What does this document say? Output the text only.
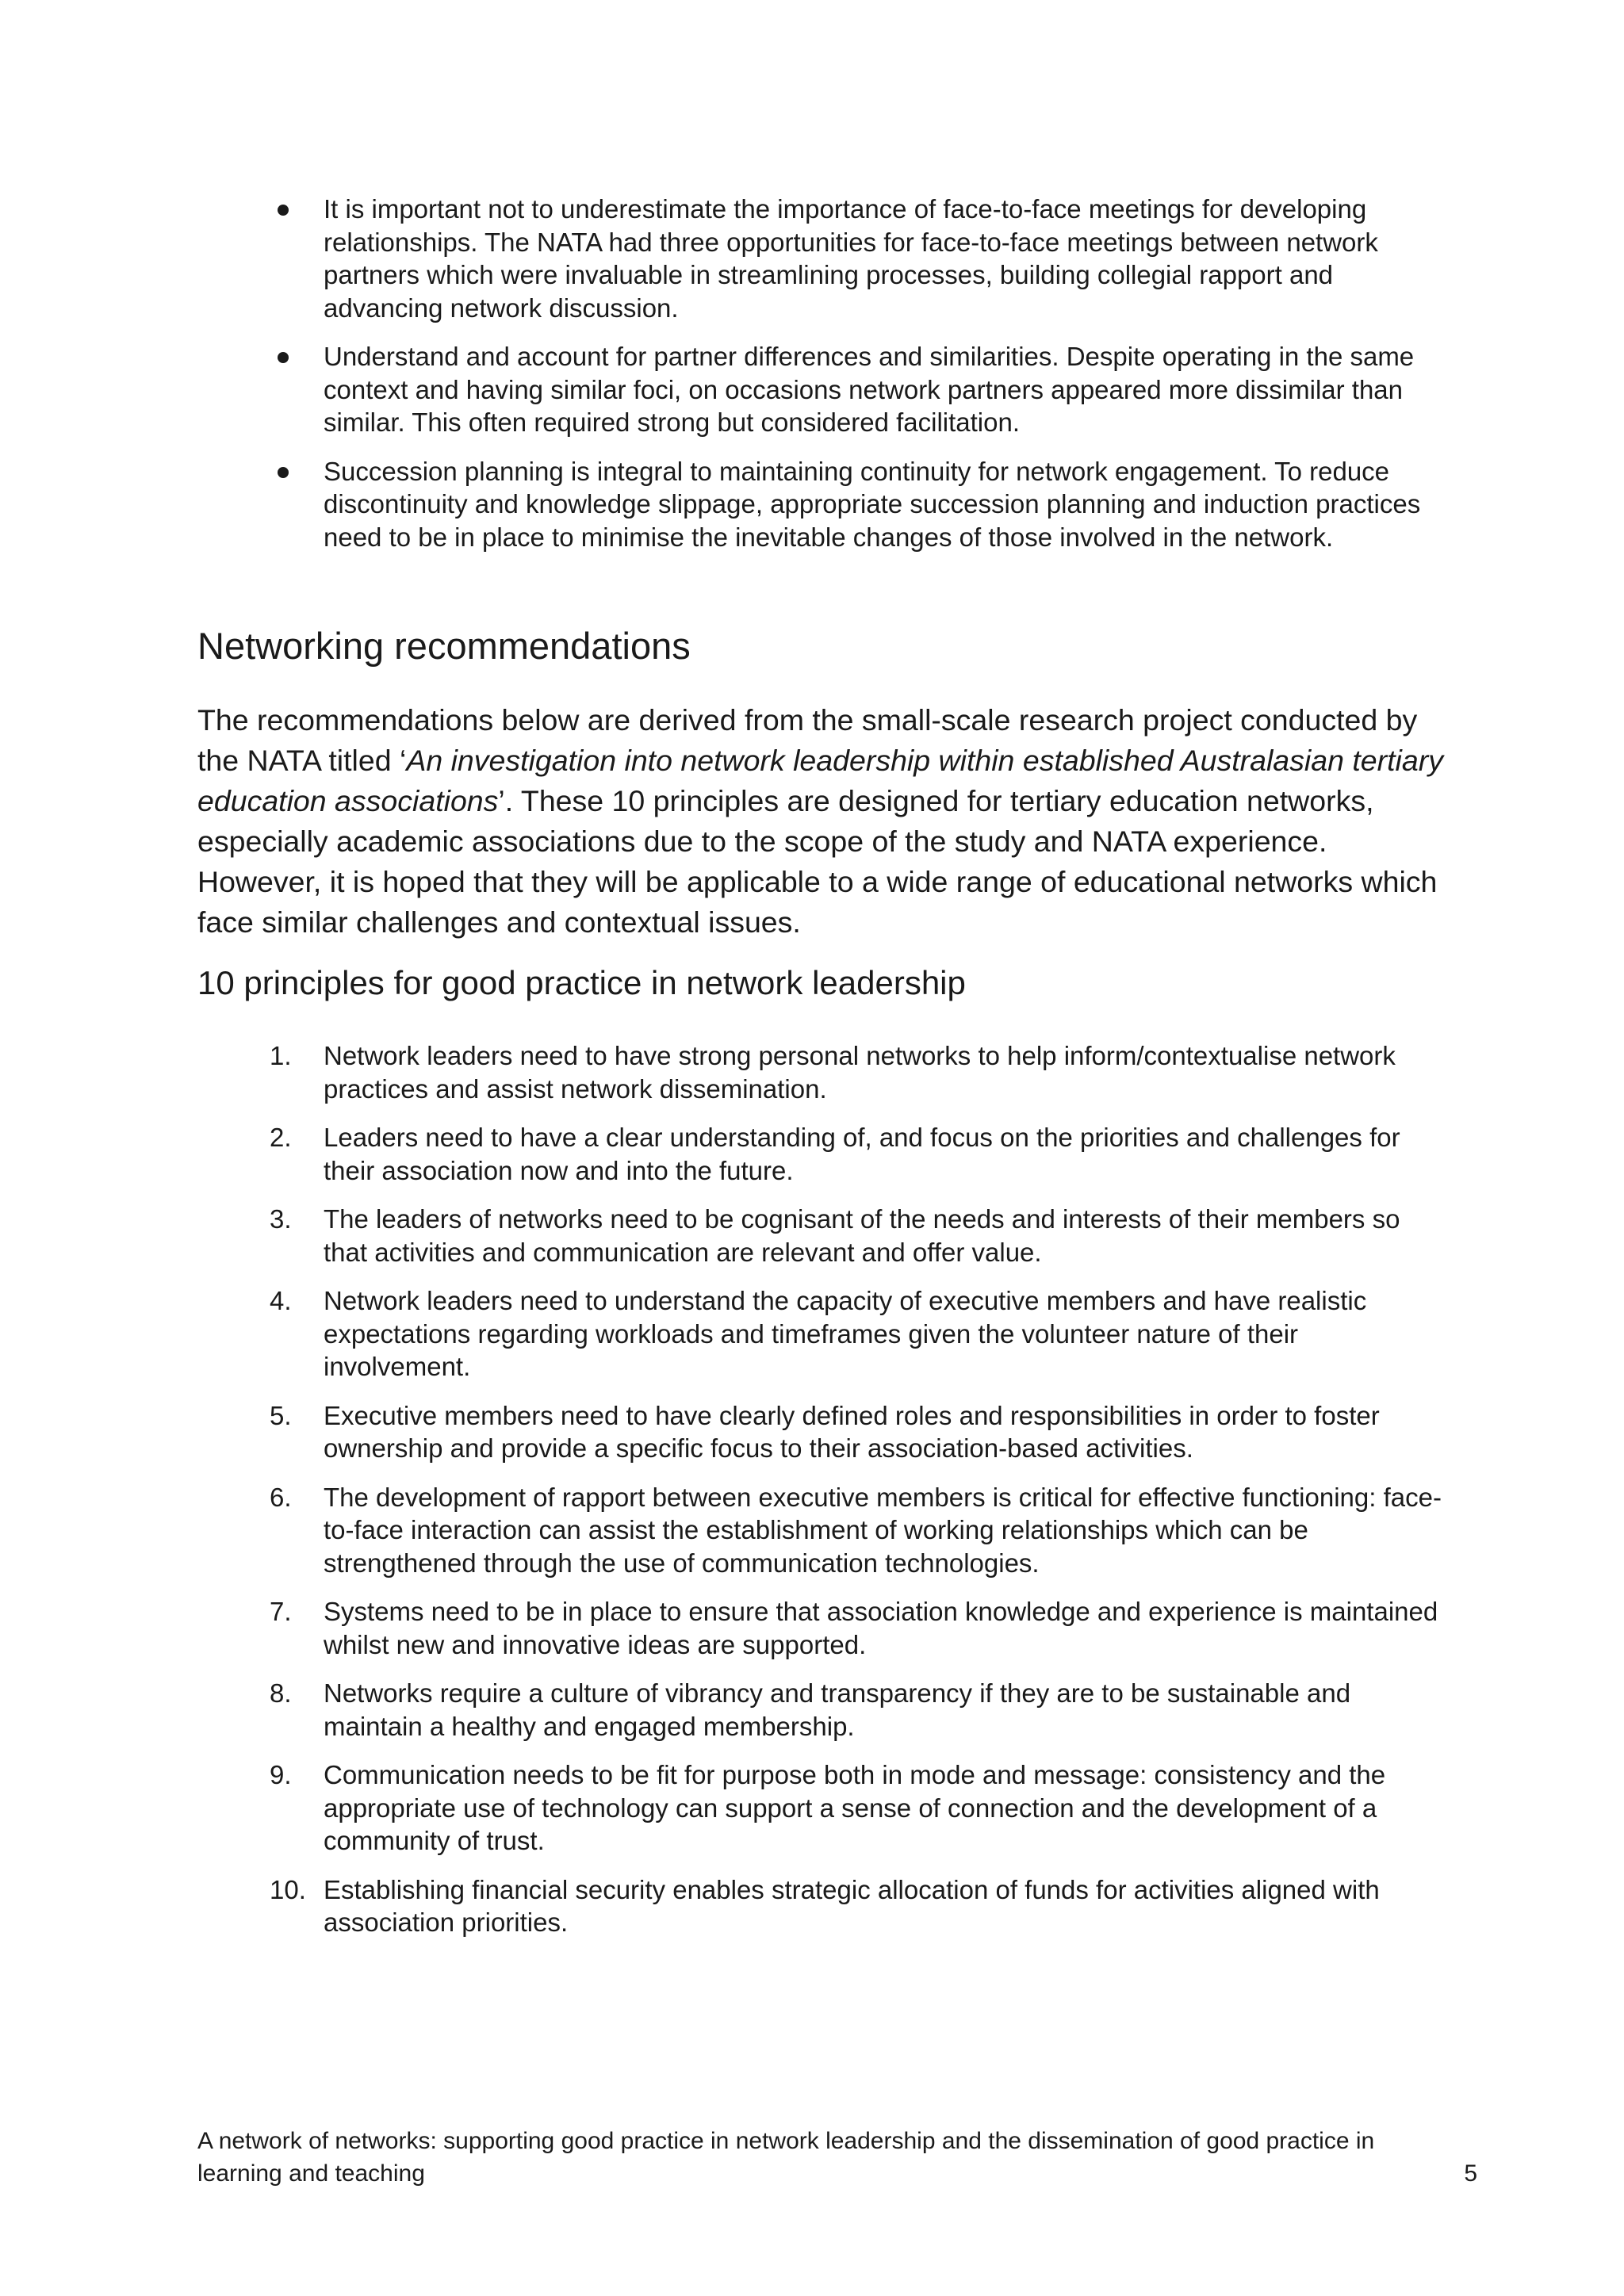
It is important not to underestimate the importance of face-to-face meetings for developing relationships. The NATA had three opportunities for face-to-face meetings between network partners which were invaluable in streamlining processes, building collegial rapport and advancing network discussion.
Understand and account for partner differences and similarities. Despite operating in the same context and having similar foci, on occasions network partners appeared more dissimilar than similar. This often required strong but considered facilitation.
Succession planning is integral to maintaining continuity for network engagement. To reduce discontinuity and knowledge slippage, appropriate succession planning and induction practices need to be in place to minimise the inevitable changes of those involved in the network.
Networking recommendations

The recommendations below are derived from the small-scale research project conducted by the NATA titled ‘An investigation into network leadership within established Australasian tertiary education associations’. These 10 principles are designed for tertiary education networks, especially academic associations due to the scope of the study and NATA experience. However, it is hoped that they will be applicable to a wide range of educational networks which face similar challenges and contextual issues.

10 principles for good practice in network leadership
1.	Network leaders need to have strong personal networks to help inform/contextualise network practices and assist network dissemination.
2.	Leaders need to have a clear understanding of, and focus on the priorities and challenges for their association now and into the future.
3.	The leaders of networks need to be cognisant of the needs and interests of their members so that activities and communication are relevant and offer value.
4.	Network leaders need to understand the capacity of executive members and have realistic expectations regarding workloads and timeframes given the volunteer nature of their involvement.
5.	Executive members need to have clearly defined roles and responsibilities in order to foster ownership and provide a specific focus to their association-based activities.
6.	The development of rapport between executive members is critical for effective functioning: face-to-face interaction can assist the establishment of working relationships which can be strengthened through the use of communication technologies.
7.	Systems need to be in place to ensure that association knowledge and experience is maintained whilst new and innovative ideas are supported.
8.	Networks require a culture of vibrancy and transparency if they are to be sustainable and maintain a healthy and engaged membership.
9.	Communication needs to be fit for purpose both in mode and message: consistency and the appropriate use of technology can support a sense of connection and the development of a community of trust.
10. Establishing financial security enables strategic allocation of funds for activities aligned with association priorities.
A network of networks: supporting good practice in network leadership and the dissemination of good practice in learning and teaching	5
